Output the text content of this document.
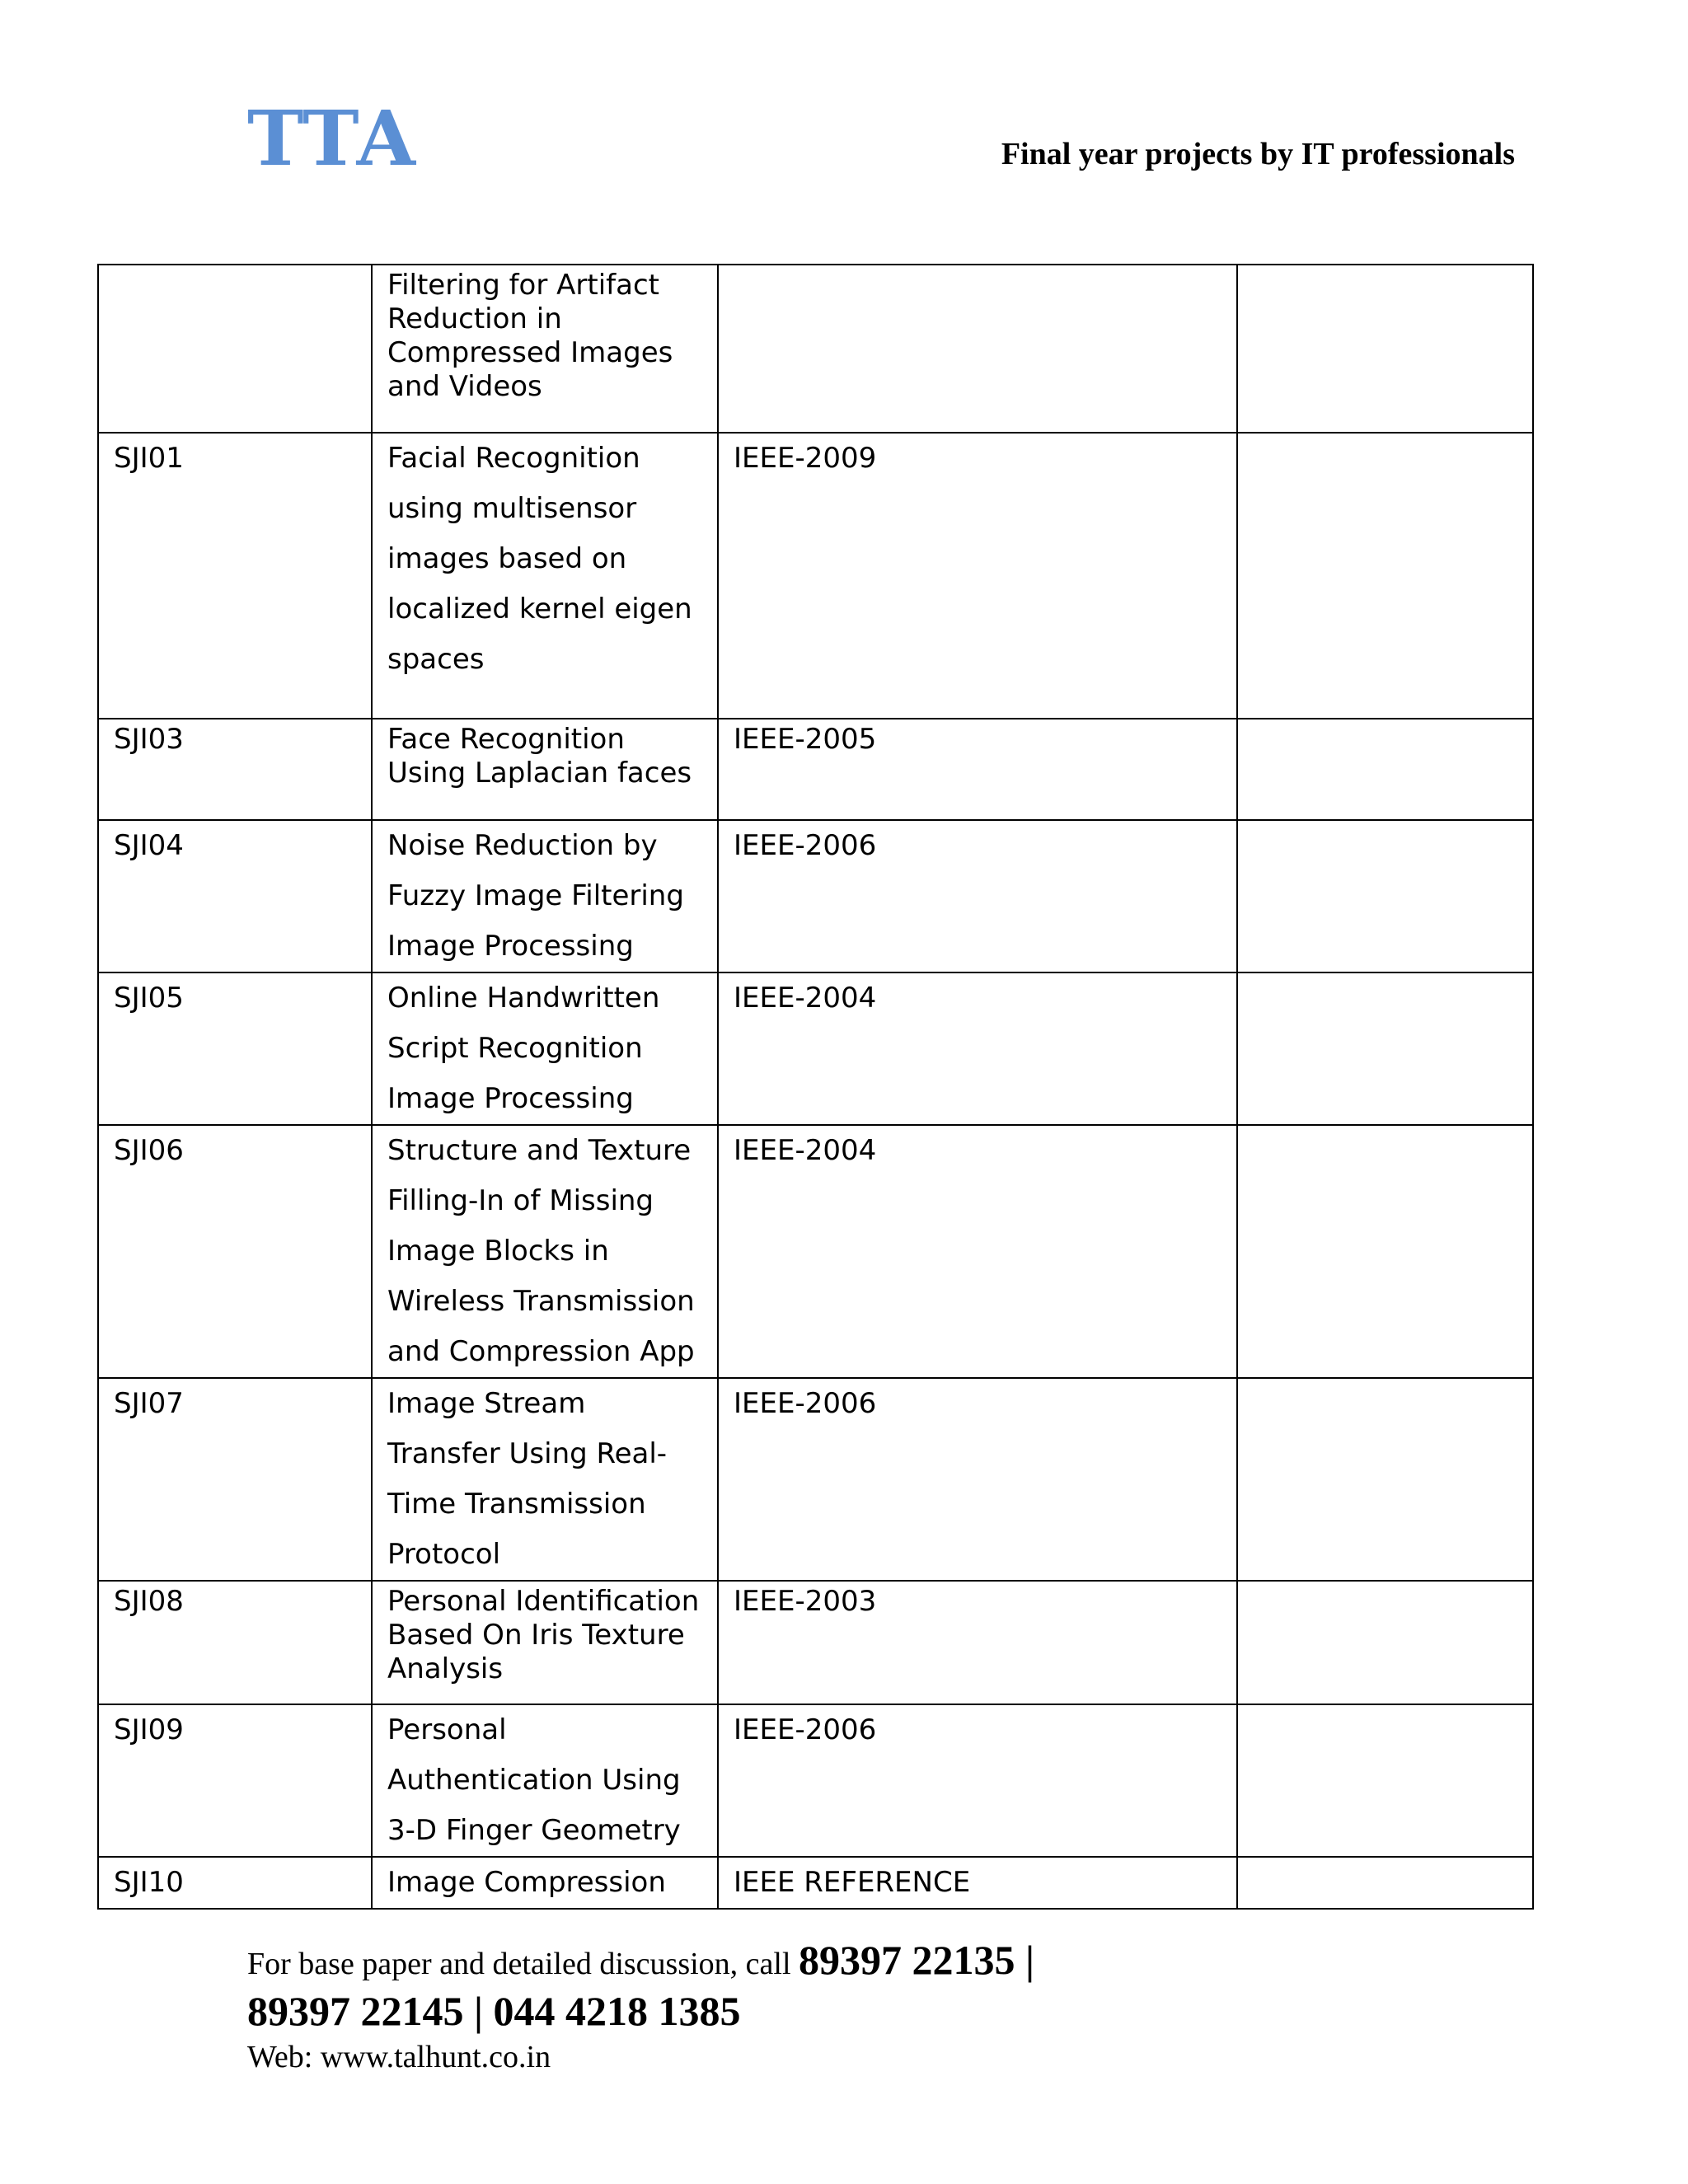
TTA	Final year projects by IT professionals

	Filtering for Artifact
Reduction in
Compressed Images
and Videos		

SJI01	Facial Recognition
using multisensor
images based on
localized kernel eigen
spaces	IEEE-2009	
SJI03	Face Recognition
Using Laplacian faces	IEEE-2005	
SJI04	Noise Reduction by
Fuzzy Image Filtering
Image Processing	IEEE-2006	
SJI05	Online Handwritten
Script Recognition
Image Processing	IEEE-2004	
SJI06	Structure and Texture
Filling-In of Missing
Image Blocks in
Wireless Transmission
and Compression App	IEEE-2004	
SJI07	Image Stream
Transfer Using Real-
Time Transmission
Protocol	IEEE-2006	
SJI08	Personal Identification
Based On Iris Texture
Analysis	IEEE-2003	
SJI09	Personal
Authentication Using
3-D Finger Geometry	IEEE-2006	
SJI10	Image Compression	IEEE REFERENCE	
For base paper and detailed discussion, call 89397 22135 |
89397 22145 | 044 4218 1385
Web: www.talhunt.co.in
